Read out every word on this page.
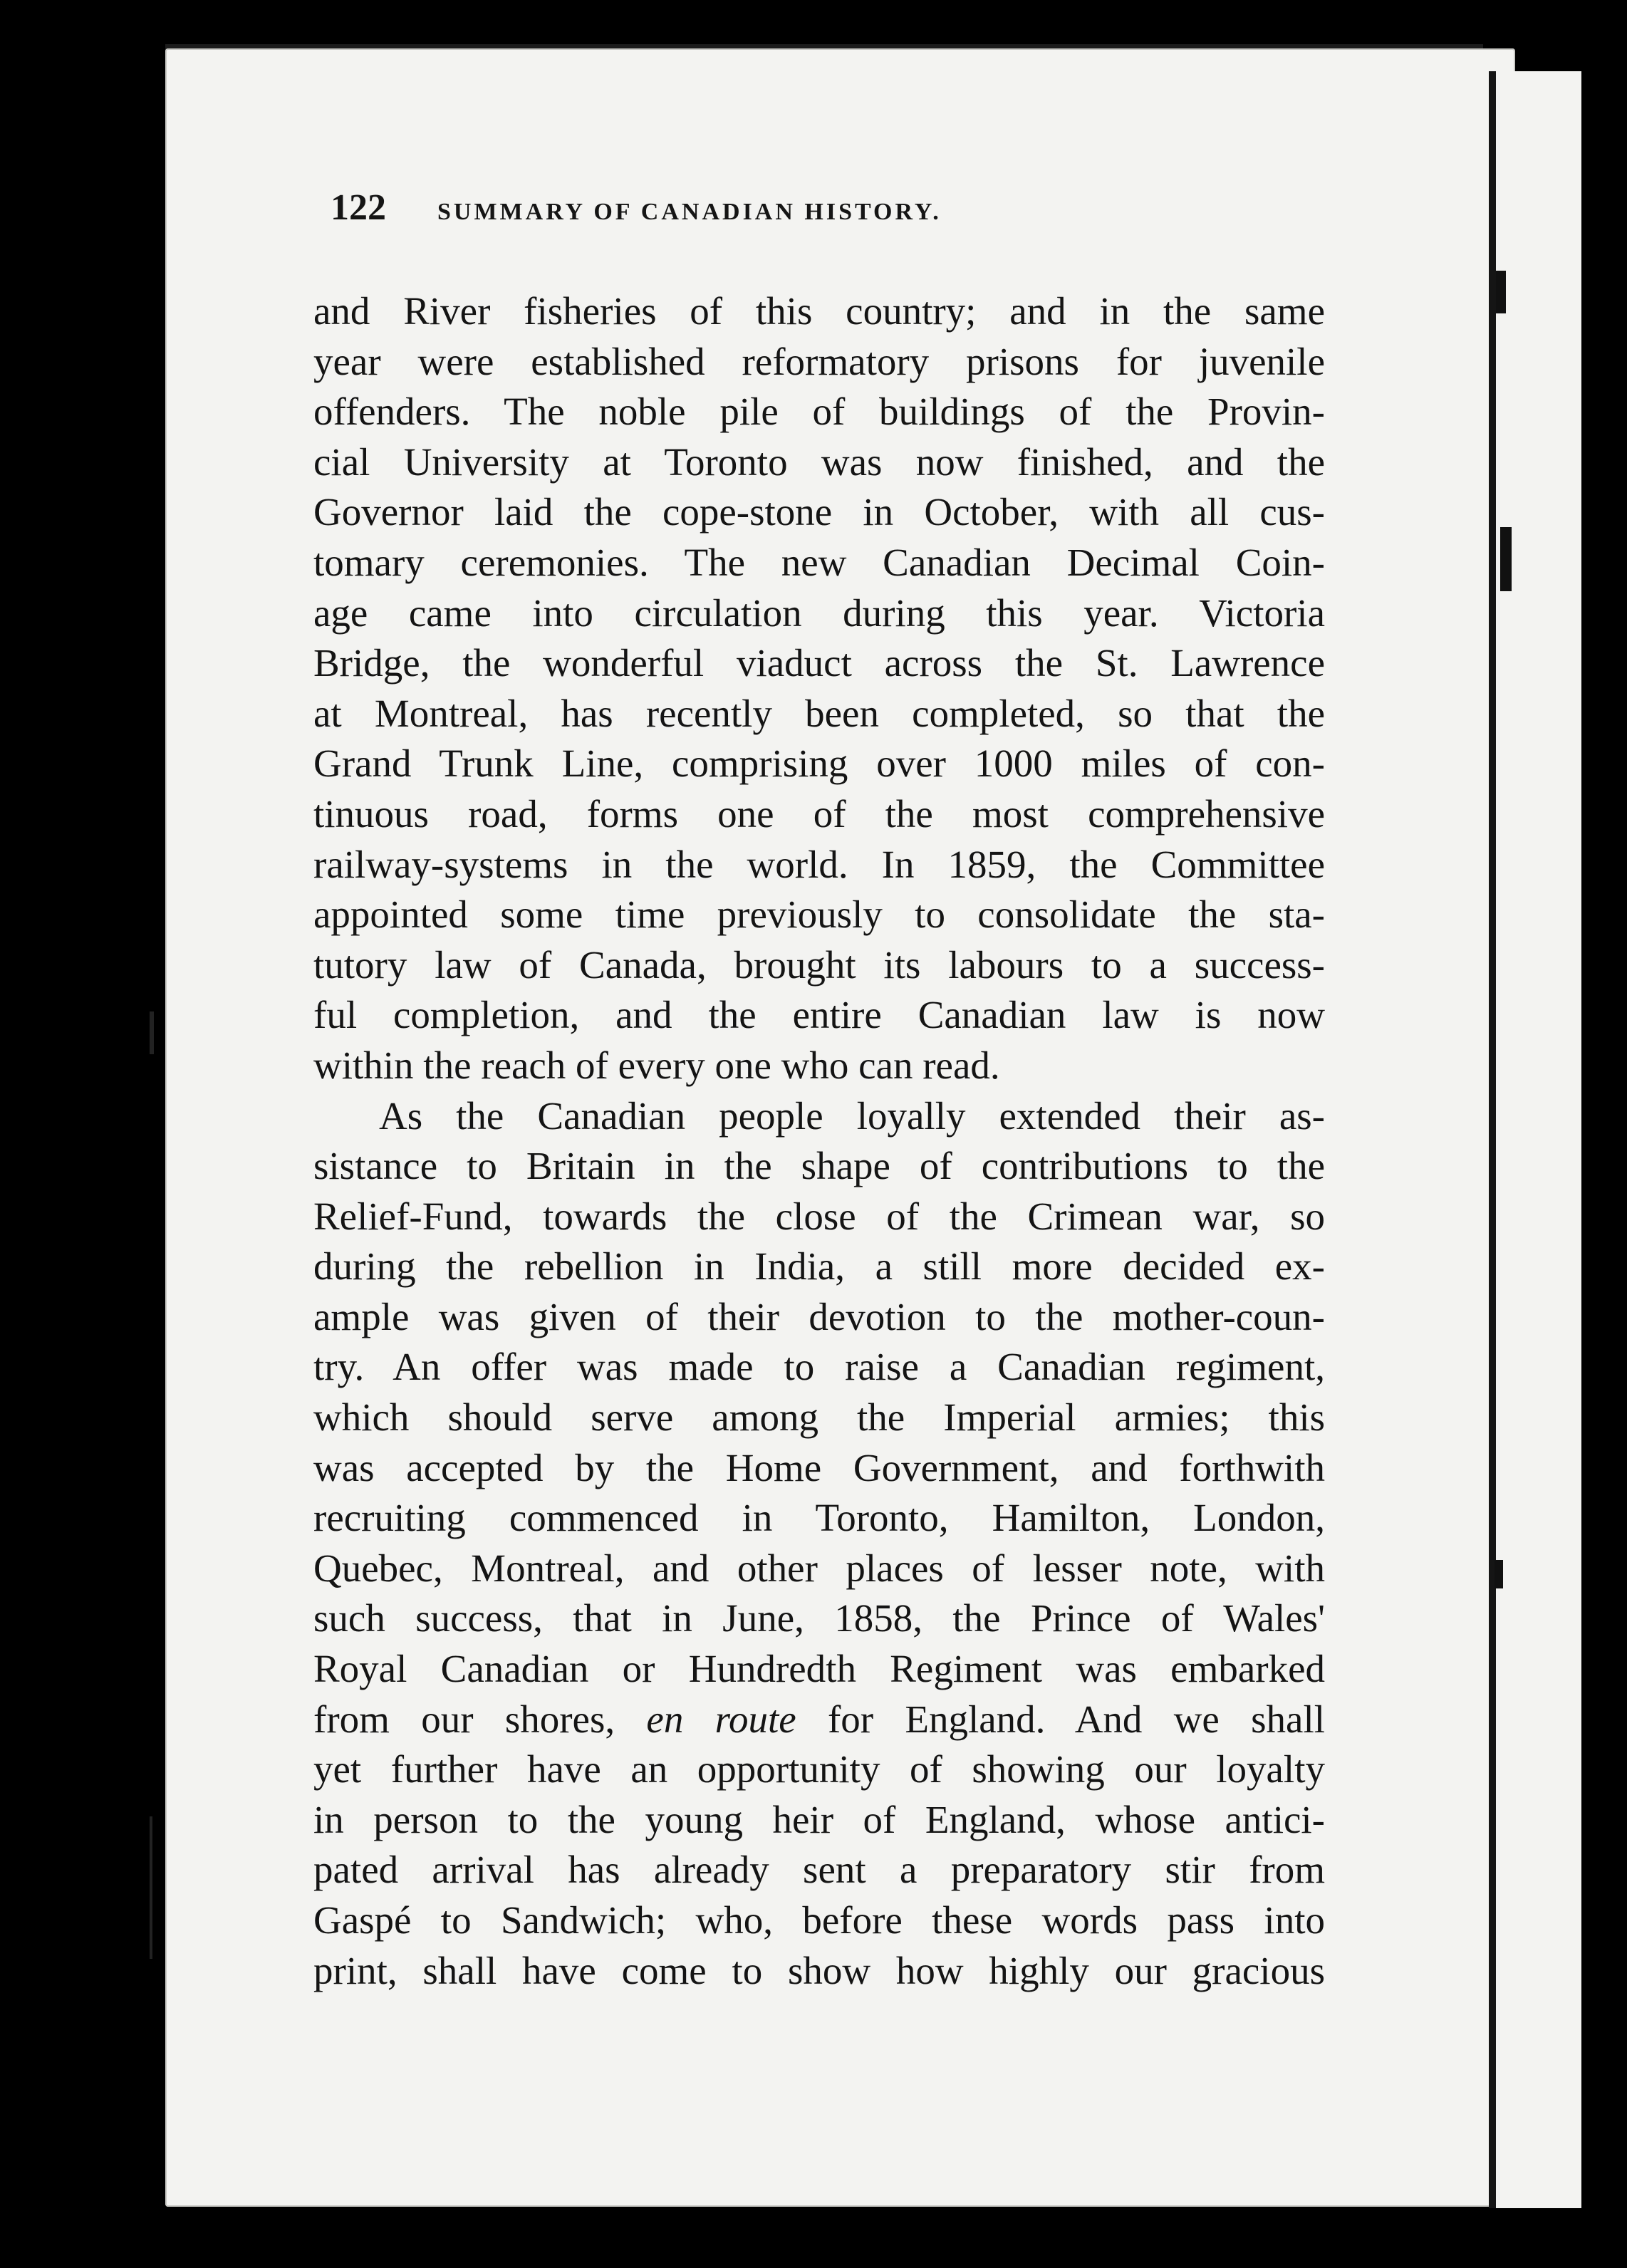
122 SUMMARY OF CANADIAN HISTORY.
and River fisheries of this country; and in the same
year were established reformatory prisons for juvenile
offenders. The noble pile of buildings of the Provin-
cial University at Toronto was now finished, and the
Governor laid the cope-stone in October, with all cus-
tomary ceremonies. The new Canadian Decimal Coin-
age came into circulation during this year. Victoria
Bridge, the wonderful viaduct across the St. Lawrence
at Montreal, has recently been completed, so that the
Grand Trunk Line, comprising over 1000 miles of con-
tinuous road, forms one of the most comprehensive
railway-systems in the world. In 1859, the Committee
appointed some time previously to consolidate the sta-
tutory law of Canada, brought its labours to a success-
ful completion, and the entire Canadian law is now
within the reach of every one who can read.
As the Canadian people loyally extended their as-
sistance to Britain in the shape of contributions to the
Relief-Fund, towards the close of the Crimean war, so
during the rebellion in India, a still more decided ex-
ample was given of their devotion to the mother-coun-
try. An offer was made to raise a Canadian regiment,
which should serve among the Imperial armies; this
was accepted by the Home Government, and forthwith
recruiting commenced in Toronto, Hamilton, London,
Quebec, Montreal, and other places of lesser note, with
such success, that in June, 1858, the Prince of Wales'
Royal Canadian or Hundredth Regiment was embarked
from our shores, en route for England. And we shall
yet further have an opportunity of showing our loyalty
in person to the young heir of England, whose antici-
pated arrival has already sent a preparatory stir from
Gaspé to Sandwich; who, before these words pass into
print, shall have come to show how highly our gracious
